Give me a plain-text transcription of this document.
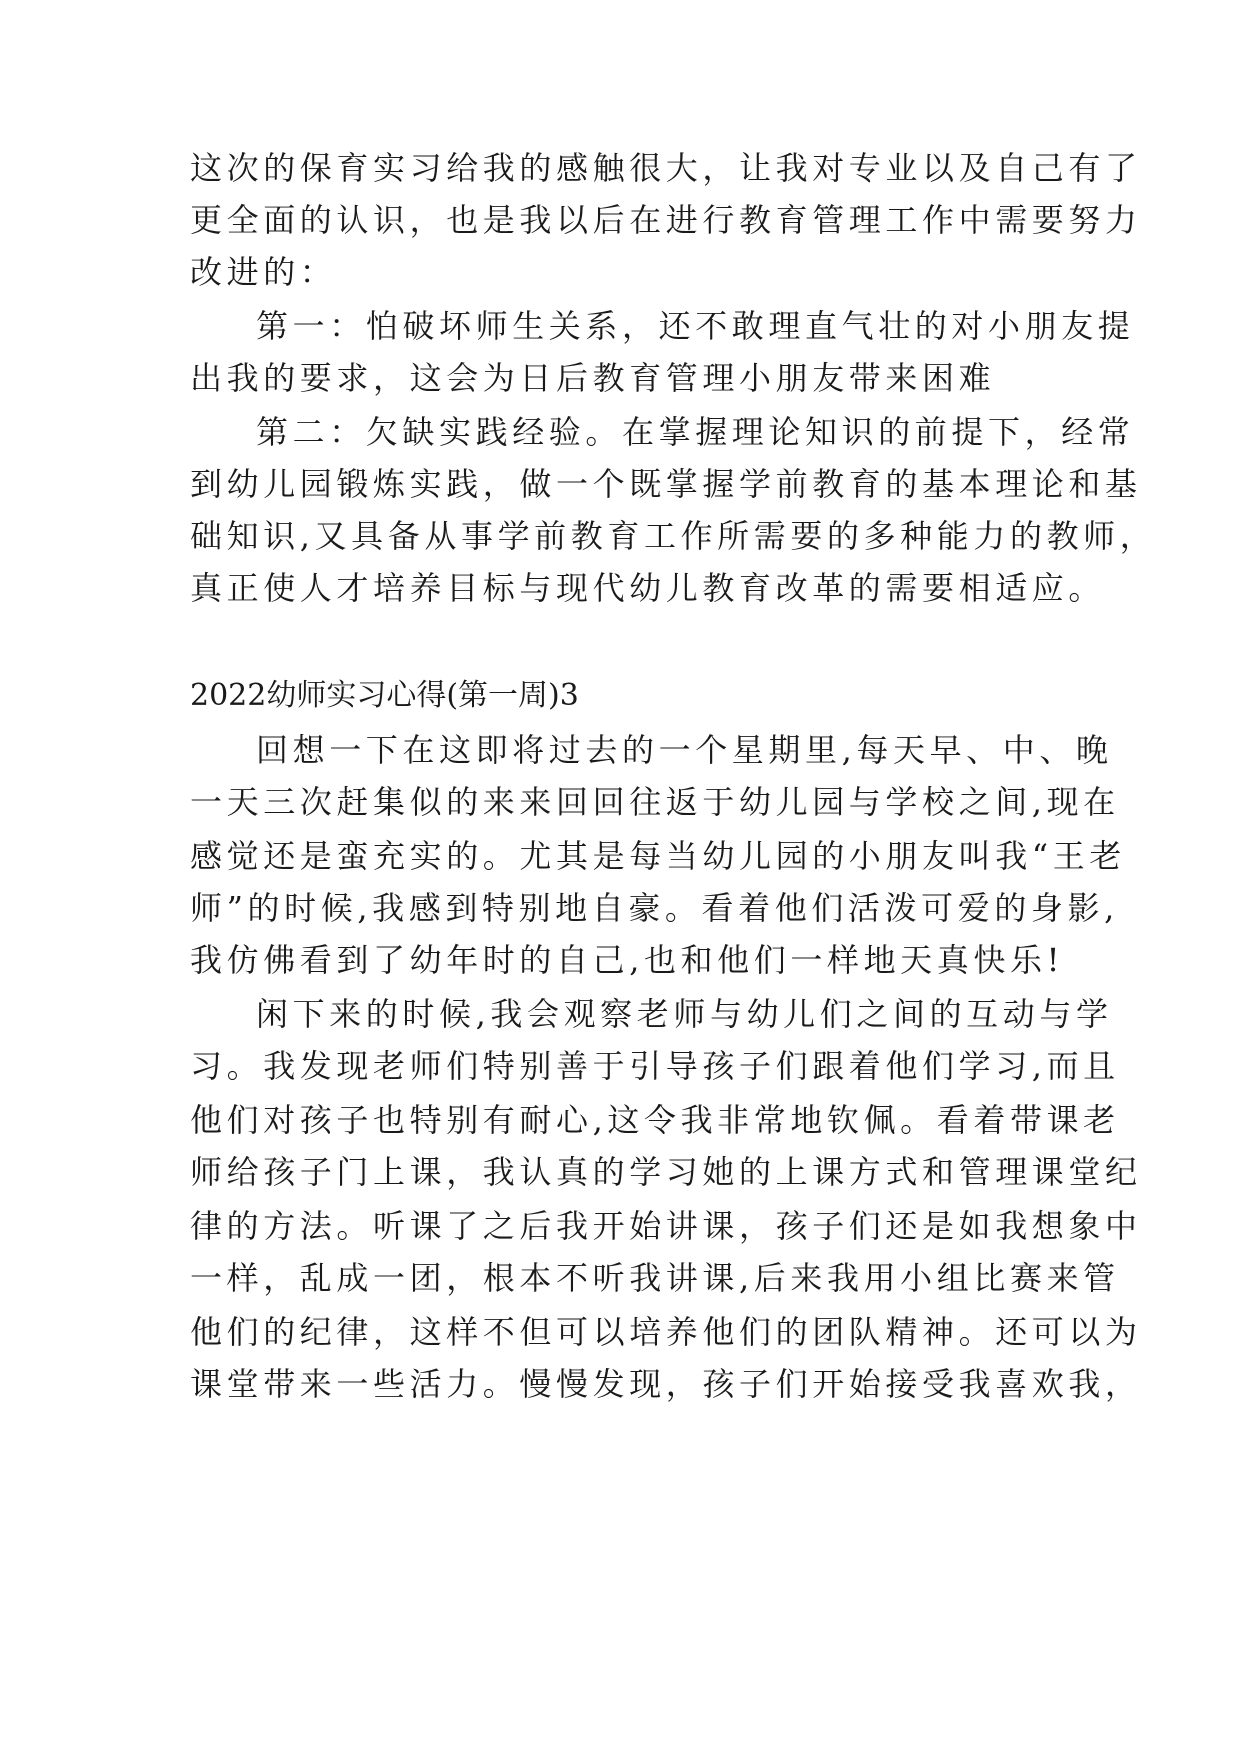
这次的保育实习给我的感触很大，让我对专业以及自己有了
更全面的认识，也是我以后在进行教育管理工作中需要努力
改进的：
第一：怕破坏师生关系，还不敢理直气壮的对小朋友提
出我的要求，这会为日后教育管理小朋友带来困难
第二：欠缺实践经验。在掌握理论知识的前提下，经常
到幼儿园锻炼实践，做一个既掌握学前教育的基本理论和基
础知识,又具备从事学前教育工作所需要的多种能力的教师，
真正使人才培养目标与现代幼儿教育改革的需要相适应。
2022幼师实习心得(第一周)3
回想一下在这即将过去的一个星期里,每天早、中、晚
一天三次赶集似的来来回回往返于幼儿园与学校之间,现在
感觉还是蛮充实的。尤其是每当幼儿园的小朋友叫我“王老
师”的时候,我感到特别地自豪。看着他们活泼可爱的身影,
我仿佛看到了幼年时的自己,也和他们一样地天真快乐!
闲下来的时候,我会观察老师与幼儿们之间的互动与学
习。我发现老师们特别善于引导孩子们跟着他们学习,而且
他们对孩子也特别有耐心,这令我非常地钦佩。看着带课老
师给孩子门上课，我认真的学习她的上课方式和管理课堂纪
律的方法。听课了之后我开始讲课，孩子们还是如我想象中
一样，乱成一团，根本不听我讲课,后来我用小组比赛来管
他们的纪律，这样不但可以培养他们的团队精神。还可以为
课堂带来一些活力。慢慢发现，孩子们开始接受我喜欢我，
